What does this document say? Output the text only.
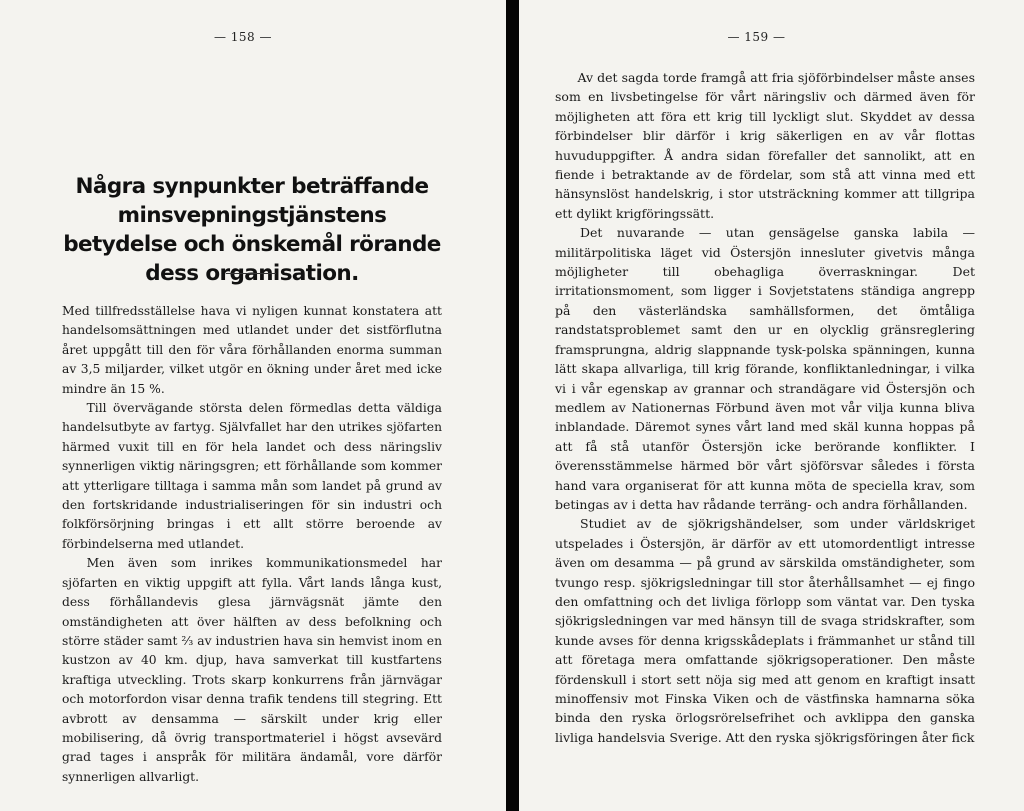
— 158 —
Några synpunkter beträffande minsvepningstjänstens betydelse och önskemål rörande dess organisation.

Med tillfredsställelse hava vi nyligen kunnat konstatera att handelsomsättningen med utlandet under det sistförflutna året uppgått till den för våra förhållanden enorma summan av 3,5 miljarder, vilket utgör en ökning under året med icke mindre än 15 %.

Till övervägande största delen förmedlas detta väldiga handelsutbyte av fartyg. Självfallet har den utrikes sjöfarten härmed vuxit till en för hela landet och dess näringsliv synnerligen viktig näringsgren; ett förhållande som kommer att ytterligare tilltaga i samma mån som landet på grund av den fortskridande industrialiseringen för sin industri och folkförsörjning bringas i ett allt större beroende av förbindelserna med utlandet.

Men även som inrikes kommunikationsmedel har sjöfarten en viktig uppgift att fylla. Vårt lands långa kust, dess förhållandevis glesa järnvägsnät jämte den omständigheten att över hälften av dess befolkning och större städer samt ⅔ av industrien hava sin hemvist inom en kustzon av 40 km. djup, hava samverkat till kustfartens kraftiga utveckling. Trots skarp konkurrens från järnvägar och motorfordon visar denna trafik tendens till stegring. Ett avbrott av densamma — särskilt under krig eller mobilisering, då övrig transportmateriel i högst avsevärd grad tages i anspråk för militära ändamål, vore därför synnerligen allvarligt.

— 159 —

Av det sagda torde framgå att fria sjöförbindelser måste anses som en livsbetingelse för vårt näringsliv och därmed även för möjligheten att föra ett krig till lyckligt slut. Skyddet av dessa förbindelser blir därför i krig säkerligen en av vår flottas huvuduppgifter. Å andra sidan förefaller det sannolikt, att en fiende i betraktande av de fördelar, som stå att vinna med ett hänsynslöst handelskrig, i stor utsträckning kommer att tillgripa ett dylikt krigföringssätt.

Det nuvarande — utan gensägelse ganska labila — militärpolitiska läget vid Östersjön innesluter givetvis många möjligheter till obehagliga överraskningar. Det irritationsmoment, som ligger i Sovjetstatens ständiga angrepp på den västerländska samhällsformen, det ömtåliga randstatsproblemet samt den ur en olycklig gränsreglering framsprungna, aldrig slappnande tysk-polska spänningen, kunna lätt skapa allvarliga, till krig förande, konfliktanledningar, i vilka vi i vår egenskap av grannar och strandägare vid Östersjön och medlem av Nationernas Förbund även mot vår vilja kunna bliva inblandade. Däremot synes vårt land med skäl kunna hoppas på att få stå utanför Östersjön icke berörande konflikter. I överensstämmelse härmed bör vårt sjöförsvar således i första hand vara organiserat för att kunna möta de speciella krav, som betingas av i detta hav rådande terräng- och andra förhållanden.

Studiet av de sjökrigshändelser, som under världskriget utspelades i Östersjön, är därför av ett utomordentligt intresse även om desamma — på grund av särskilda omständigheter, som tvungo resp. sjökrigsledningar till stor återhållsamhet — ej fingo den omfattning och det livliga förlopp som väntat var. Den tyska sjökrigsledningen var med hänsyn till de svaga stridskrafter, som kunde avses för denna krigsskådeplats i främmanhet ur stånd till att företaga mera omfattande sjökrigsoperationer. Den måste fördenskull i stort sett nöja sig med att genom en kraftigt insatt minoffensiv mot Finska Viken och de västfinska hamnarna söka binda den ryska örlogsrörelsefrihet och avklippa den ganska livliga handelsvia Sverige. Att den ryska sjökrigsföringen åter fick
